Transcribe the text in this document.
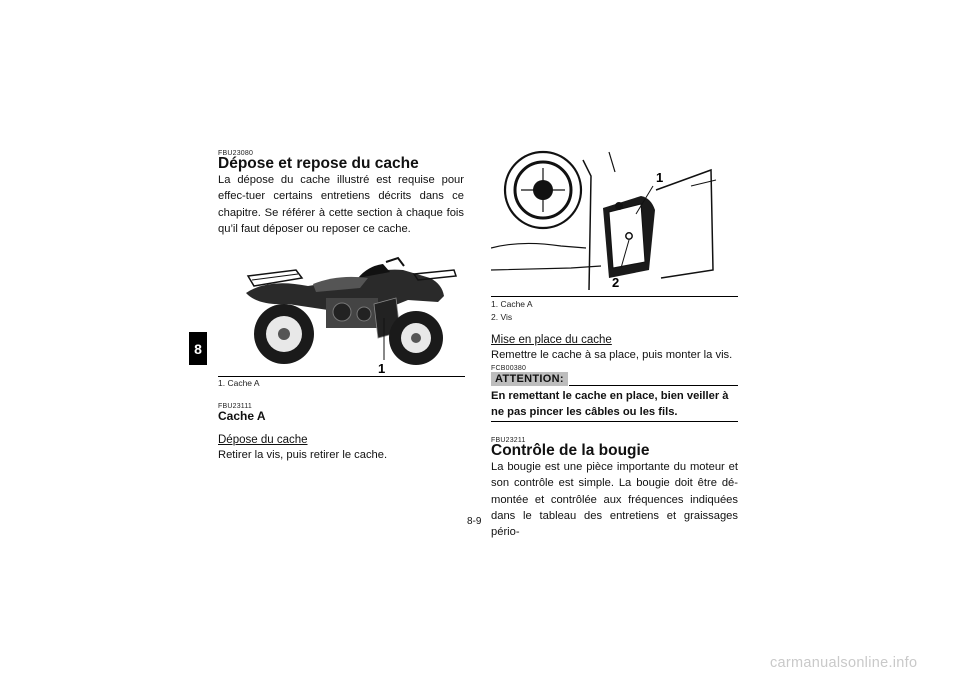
8
FBU23080
Dépose et repose du cache
La dépose du cache illustré est requise pour effec-tuer certains entretiens décrits dans ce chapitre. Se référer à cette section à chaque fois qu’il faut déposer ou reposer ce cache.
1
1. Cache A
FBU23111
Cache A
Dépose du cache
Retirer la vis, puis retirer le cache.
1
2
1. Cache A
2. Vis
Mise en place du cache
Remettre le cache à sa place, puis monter la vis.
FCB00380
ATTENTION:
En remettant le cache en place, bien veiller à ne pas pincer les câbles ou les fils.
FBU23211
Contrôle de la bougie
La bougie est une pièce importante du moteur et son contrôle est simple. La bougie doit être dé-montée et contrôlée aux fréquences indiquées dans le tableau des entretiens et graissages pério-
8-9
carmanualsonline.info
